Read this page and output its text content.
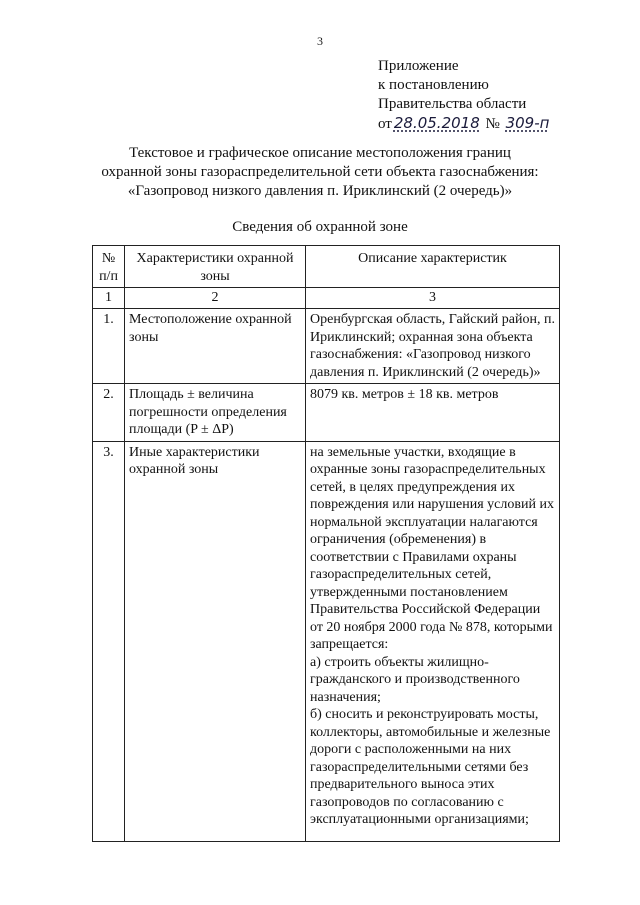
3
Приложение
к постановлению
Правительства области
от 28.05.2018 № 309-п
Текстовое и графическое описание местоположения границ
охранной зоны газораспределительной сети объекта газоснабжения:
«Газопровод низкого давления п. Ириклинский (2 очередь)»
Сведения об охранной зоне
№ п/п	Характеристики охранной зоны	Описание характеристик
1	2	3
1.	Местоположение охранной зоны	Оренбургская область, Гайский район, п. Ириклинский; охранная зона объекта газоснабжения: «Газопровод низкого давления п. Ириклинский (2 очередь)»
2.	Площадь ± величина погрешности определения площади (P ± ΔP)	8079 кв. метров ± 18 кв. метров
3.	Иные характеристики охранной зоны	на земельные участки, входящие в охранные зоны газораспределительных сетей, в целях предупреждения их повреждения или нарушения условий их нормальной эксплуатации налагаются ограничения (обременения) в соответствии с Правилами охраны газораспределительных сетей, утвержденными постановлением Правительства Российской Федерации от 20 ноября 2000 года № 878, которыми запрещается:
а) строить объекты жилищно-гражданского и производственного назначения;
б) сносить и реконструировать мосты, коллекторы, автомобильные и железные дороги с расположенными на них газораспределительными сетями без предварительного выноса этих газопроводов по согласованию с эксплуатационными организациями;
